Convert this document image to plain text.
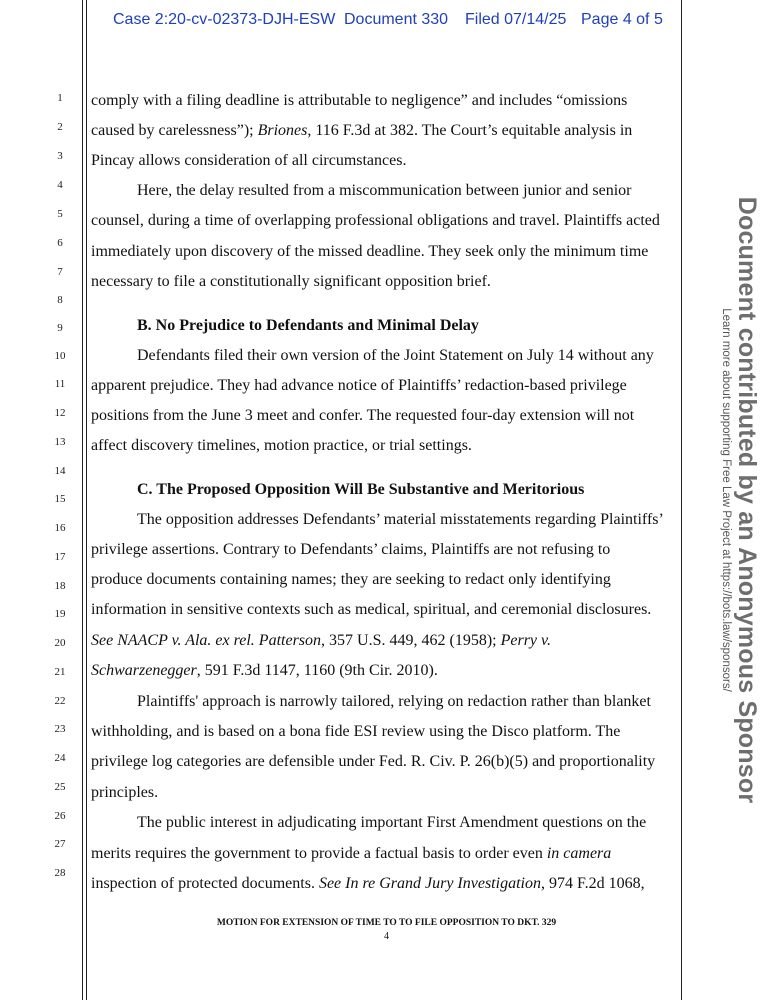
Case 2:20-cv-02373-DJH-ESW Document 330 Filed 07/14/25 Page 4 of 5
1
2
3
4
5
6
7
8
9
10
11
12
13
14
15
16
17
18
19
20
21
22
23
24
25
26
27
28
comply with a filing deadline is attributable to negligence” and includes “omissions
caused by carelessness”); Briones, 116 F.3d at 382. The Court’s equitable analysis in
Pincay allows consideration of all circumstances.
Here, the delay resulted from a miscommunication between junior and senior
counsel, during a time of overlapping professional obligations and travel. Plaintiffs acted
immediately upon discovery of the missed deadline. They seek only the minimum time
necessary to file a constitutionally significant opposition brief.
B. No Prejudice to Defendants and Minimal Delay
Defendants filed their own version of the Joint Statement on July 14 without any
apparent prejudice. They had advance notice of Plaintiffs’ redaction-based privilege
positions from the June 3 meet and confer. The requested four-day extension will not
affect discovery timelines, motion practice, or trial settings.
C. The Proposed Opposition Will Be Substantive and Meritorious
The opposition addresses Defendants’ material misstatements regarding Plaintiffs’
privilege assertions. Contrary to Defendants’ claims, Plaintiffs are not refusing to
produce documents containing names; they are seeking to redact only identifying
information in sensitive contexts such as medical, spiritual, and ceremonial disclosures.
See NAACP v. Ala. ex rel. Patterson, 357 U.S. 449, 462 (1958); Perry v.
Schwarzenegger, 591 F.3d 1147, 1160 (9th Cir. 2010).
Plaintiffs' approach is narrowly tailored, relying on redaction rather than blanket
withholding, and is based on a bona fide ESI review using the Disco platform. The
privilege log categories are defensible under Fed. R. Civ. P. 26(b)(5) and proportionality
principles.
The public interest in adjudicating important First Amendment questions on the
merits requires the government to provide a factual basis to order even in camera
inspection of protected documents. See In re Grand Jury Investigation, 974 F.2d 1068,
MOTION FOR EXTENSION OF TIME TO TO FILE OPPOSITION TO DKT. 329
4
Document contributed by an Anonymous Sponsor
Learn more about supporting Free Law Project at https://bots.law/sponsors/
